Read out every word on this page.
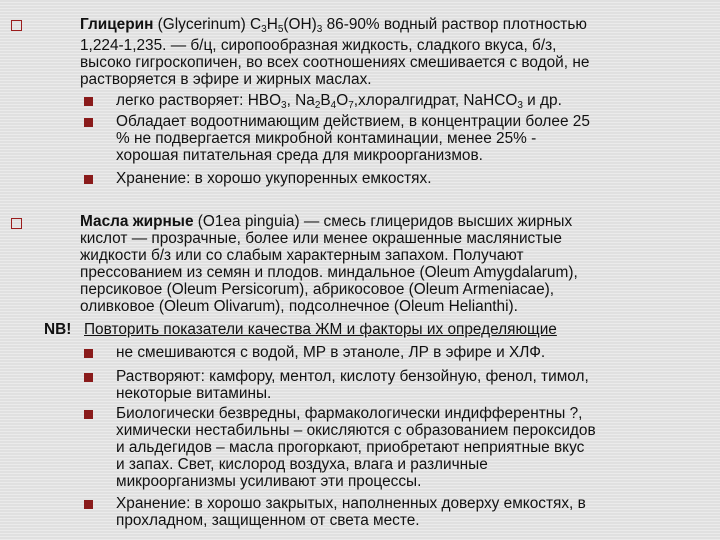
Глицерин (Glycerinum) $C_3H_5(OH)_3$ 86-90% водный раствор плотностью
1,224-1,235. — б/ц, сиропообразная жидкость, сладкого вкуса, б/з,
высоко гигроскопичен, во всех соотношениях смешивается с водой, не
растворяется в эфире и жирных маслах.
легко растворяет: $HBO_3$, $Na_2B_4O_7,хлоралгидрат$, NaHCO$_3$ и др.
Обладает водоотнимающим действием, в концентрации более 25
% не подвергается микробной контаминации, менее 25% -
хорошая питательная среда для микроорганизмов.
Хранение: в хорошо укупоренных емкостях.
Масла жирные (O1ea pinguia) — смесь глицеридов высших жирных
кислот — прозрачные, более или менее окрашенные маслянистые
жидкости б/з или со слабым характерным запахом. Получают
прессованием из семян и плодов. миндальное (Oleum Amygdalarum),
персиковое (Oleum Persicorum), абрикосовое (Oleum Armeniacae),
оливковое (Oleum Olivarum), подсолнечное (Oleum Helianthi).
NB! Повторить показатели качества ЖМ и факторы их определяющие
не смешиваются с водой, МР в этаноле, ЛР в эфире и ХЛФ.
Растворяют: камфору, ментол, кислоту бензойную, фенол, тимол,
некоторые витамины.
Биологически безвредны, фармакологически индифферентны ?,
химически нестабильны – окисляются с образованием пероксидов
и альдегидов – масла прогоркают, приобретают неприятные вкус
и запах. Свет, кислород воздуха, влага и различные
микроорганизмы усиливают эти процессы.
Хранение: в хорошо закрытых, наполненных доверху емкостях, в
прохладном, защищенном от света месте.
